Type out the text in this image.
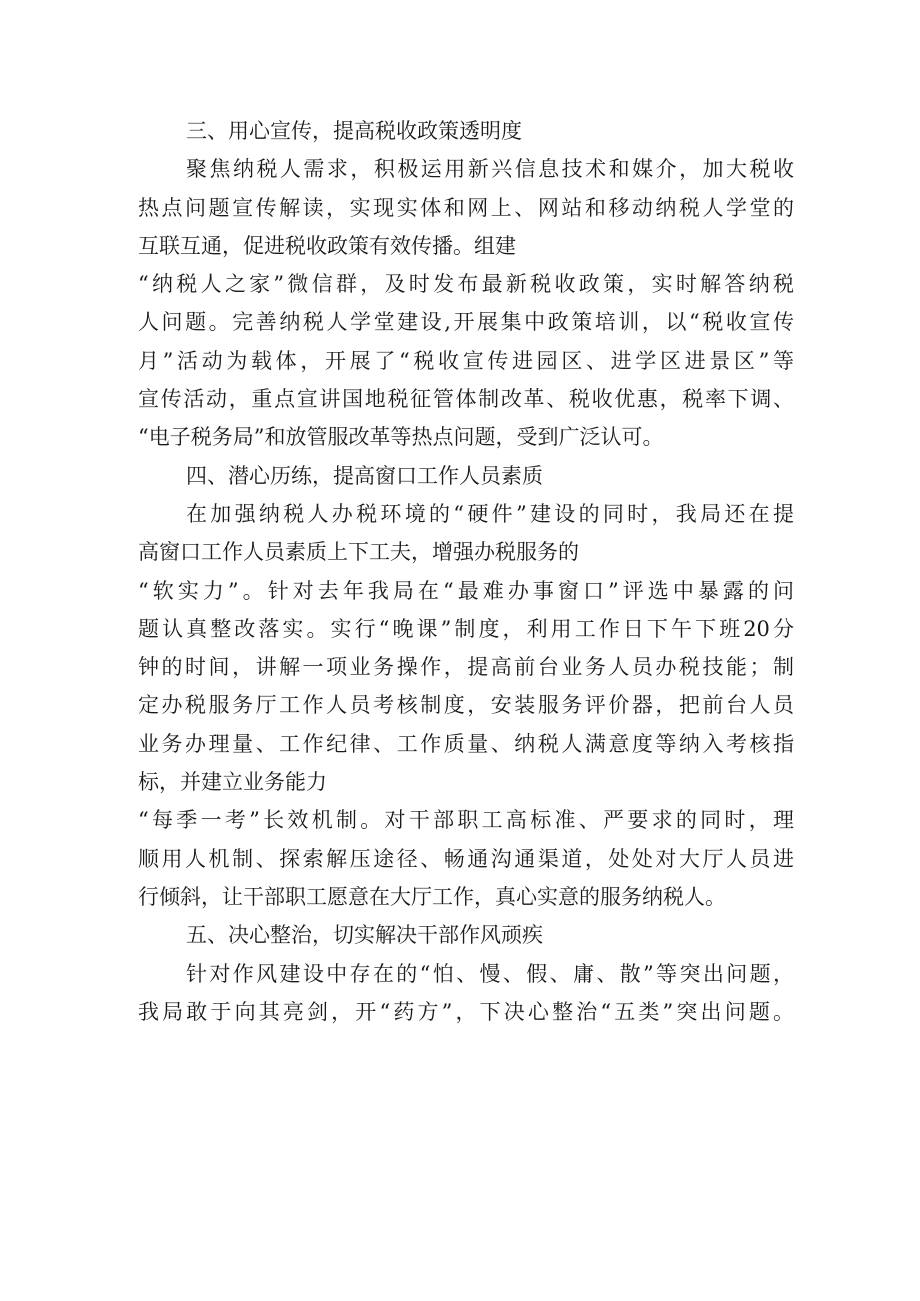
三、用心宣传，提高税收政策透明度
聚焦纳税人需求，积极运用新兴信息技术和媒介，加大税收
热点问题宣传解读，实现实体和网上、网站和移动纳税人学堂的
互联互通，促进税收政策有效传播。组建
“纳税人之家”微信群，及时发布最新税收政策，实时解答纳税
人问题。完善纳税人学堂建设,开展集中政策培训，以“税收宣传
月”活动为载体，开展了“税收宣传进园区、进学区进景区”等
宣传活动，重点宣讲国地税征管体制改革、税收优惠，税率下调、
“电子税务局”和放管服改革等热点问题，受到广泛认可。
四、潜心历练，提高窗口工作人员素质
在加强纳税人办税环境的“硬件”建设的同时，我局还在提
高窗口工作人员素质上下工夫，增强办税服务的
“软实力”。针对去年我局在“最难办事窗口”评选中暴露的问
题认真整改落实。实行“晚课”制度，利用工作日下午下班20分
钟的时间，讲解一项业务操作，提高前台业务人员办税技能；制
定办税服务厅工作人员考核制度，安装服务评价器，把前台人员
业务办理量、工作纪律、工作质量、纳税人满意度等纳入考核指
标，并建立业务能力
“每季一考”长效机制。对干部职工高标准、严要求的同时，理
顺用人机制、探索解压途径、畅通沟通渠道，处处对大厅人员进
行倾斜，让干部职工愿意在大厅工作，真心实意的服务纳税人。
五、决心整治，切实解决干部作风顽疾
针对作风建设中存在的“怕、慢、假、庸、散”等突出问题，
我局敢于向其亮剑，开“药方”，下决心整治“五类”突出问题。
